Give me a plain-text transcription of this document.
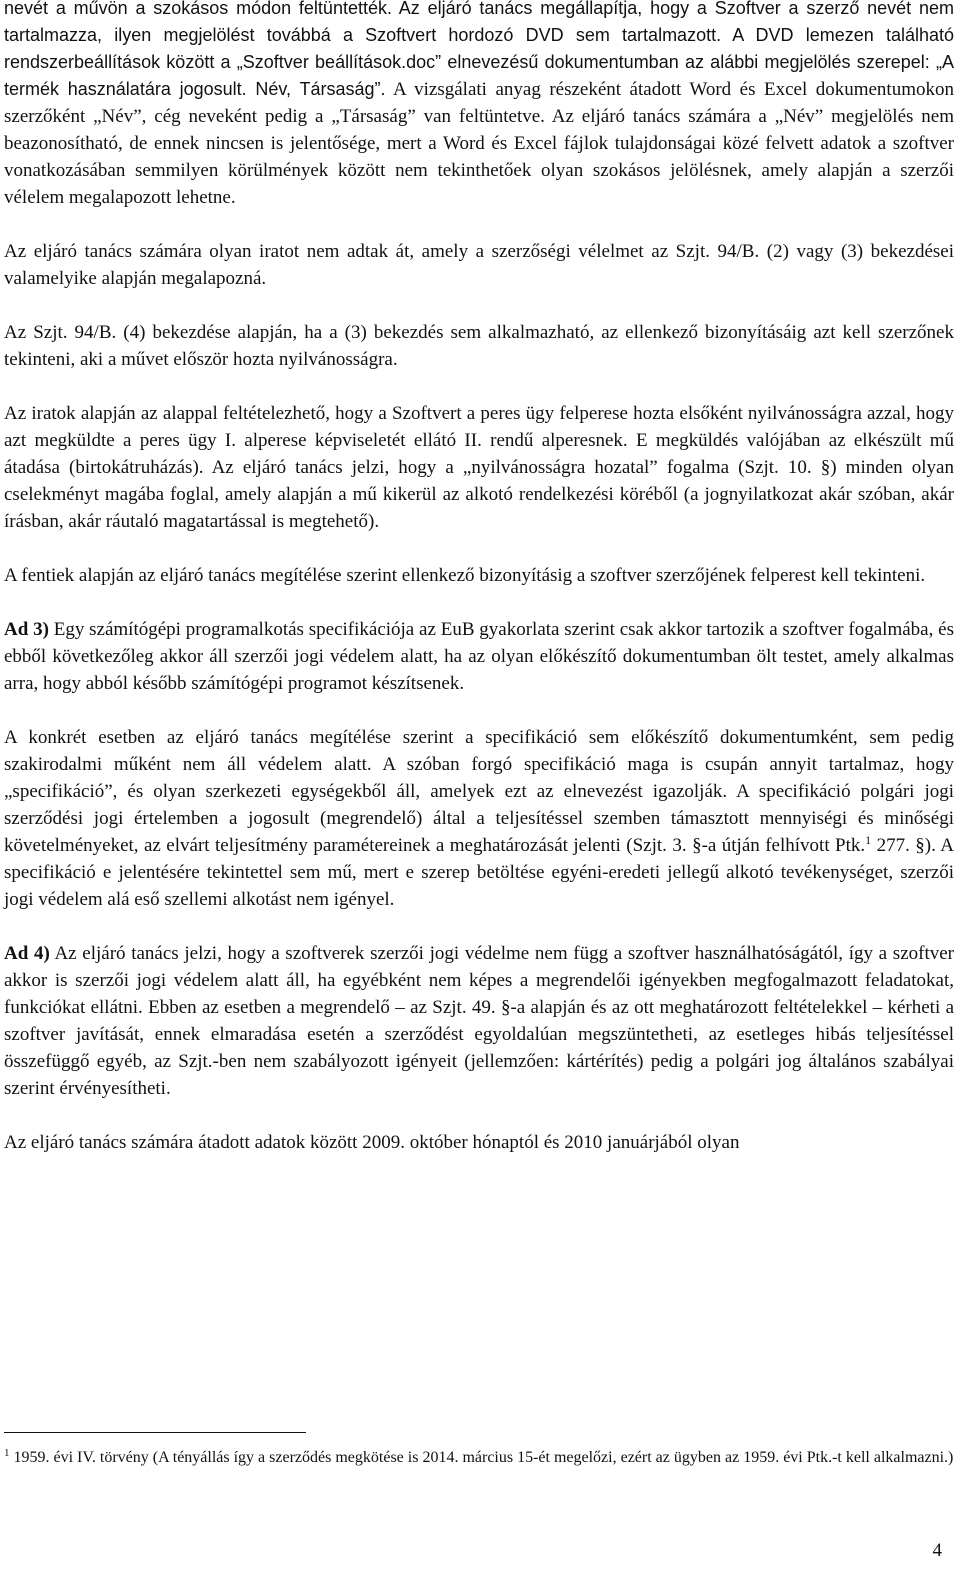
nevét a művön a szokásos módon feltüntették. Az eljáró tanács megállapítja, hogy a Szoftver a szerző nevét nem tartalmazza, ilyen megjelölést továbbá a Szoftvert hordozó DVD sem tartalmazott. A DVD lemezen található rendszerbeállítások között a „Szoftver beállítások.doc” elnevezésű dokumentumban az alábbi megjelölés szerepel: „A termék használatára jogosult. Név, Társaság”. A vizsgálati anyag részeként átadott Word és Excel dokumentumokon szerzőként „Név”, cég neveként pedig a „Társaság” van feltüntetve. Az eljáró tanács számára a „Név” megjelölés nem beazonosítható, de ennek nincsen is jelentősége, mert a Word és Excel fájlok tulajdonságai közé felvett adatok a szoftver vonatkozásában semmilyen körülmények között nem tekinthetőek olyan szokásos jelölésnek, amely alapján a szerzői vélelem megalapozott lehetne.

Az eljáró tanács számára olyan iratot nem adtak át, amely a szerzőségi vélelmet az Szjt. 94/B. (2) vagy (3) bekezdései valamelyike alapján megalapozná.

Az Szjt. 94/B. (4) bekezdése alapján, ha a (3) bekezdés sem alkalmazható, az ellenkező bizonyításáig azt kell szerzőnek tekinteni, aki a művet először hozta nyilvánosságra.

Az iratok alapján az alappal feltételezhető, hogy a Szoftvert a peres ügy felperese hozta elsőként nyilvánosságra azzal, hogy azt megküldte a peres ügy I. alperese képviseletét ellátó II. rendű alperesnek. E megküldés valójában az elkészült mű átadása (birtokátruházás). Az eljáró tanács jelzi, hogy a „nyilvánosságra hozatal” fogalma (Szjt. 10. §) minden olyan cselekményt magába foglal, amely alapján a mű kikerül az alkotó rendelkezési köréből (a jognyilatkozat akár szóban, akár írásban, akár ráutaló magatartással is megtehető).

A fentiek alapján az eljáró tanács megítélése szerint ellenkező bizonyításig a szoftver szerzőjének felperest kell tekinteni.

Ad 3) Egy számítógépi programalkotás specifikációja az EuB gyakorlata szerint csak akkor tartozik a szoftver fogalmába, és ebből következőleg akkor áll szerzői jogi védelem alatt, ha az olyan előkészítő dokumentumban ölt testet, amely alkalmas arra, hogy abból később számítógépi programot készítsenek.

A konkrét esetben az eljáró tanács megítélése szerint a specifikáció sem előkészítő dokumentumként, sem pedig szakirodalmi műként nem áll védelem alatt. A szóban forgó specifikáció maga is csupán annyit tartalmaz, hogy „specifikáció”, és olyan szerkezeti egységekből áll, amelyek ezt az elnevezést igazolják. A specifikáció polgári jogi szerződési jogi értelemben a jogosult (megrendelő) által a teljesítéssel szemben támasztott mennyiségi és minőségi követelményeket, az elvárt teljesítmény paramétereinek a meghatározását jelenti (Szjt. 3. §-a útján felhívott Ptk.$^1$ 277. §). A specifikáció e jelentésére tekintettel sem mű, mert e szerep betöltése egyéni-eredeti jellegű alkotó tevékenységet, szerzői jogi védelem alá eső szellemi alkotást nem igényel.

Ad 4) Az eljáró tanács jelzi, hogy a szoftverek szerzői jogi védelme nem függ a szoftver használhatóságától, így a szoftver akkor is szerzői jogi védelem alatt áll, ha egyébként nem képes a megrendelői igényekben megfogalmazott feladatokat, funkciókat ellátni. Ebben az esetben a megrendelő – az Szjt. 49. §-a alapján és az ott meghatározott feltételekkel – kérheti a szoftver javítását, ennek elmaradása esetén a szerződést egyoldalúan megszüntetheti, az esetleges hibás teljesítéssel összefüggő egyéb, az Szjt.-ben nem szabályozott igényeit (jellemzően: kártérítés) pedig a polgári jog általános szabályai szerint érvényesítheti.

Az eljáró tanács számára átadott adatok között 2009. október hónaptól és 2010 januárjából olyan

$^1$ 1959. évi IV. törvény (A tényállás így a szerződés megkötése is 2014. március 15-ét megelőzi, ezért az ügyben az 1959. évi Ptk.-t kell alkalmazni.)
4
